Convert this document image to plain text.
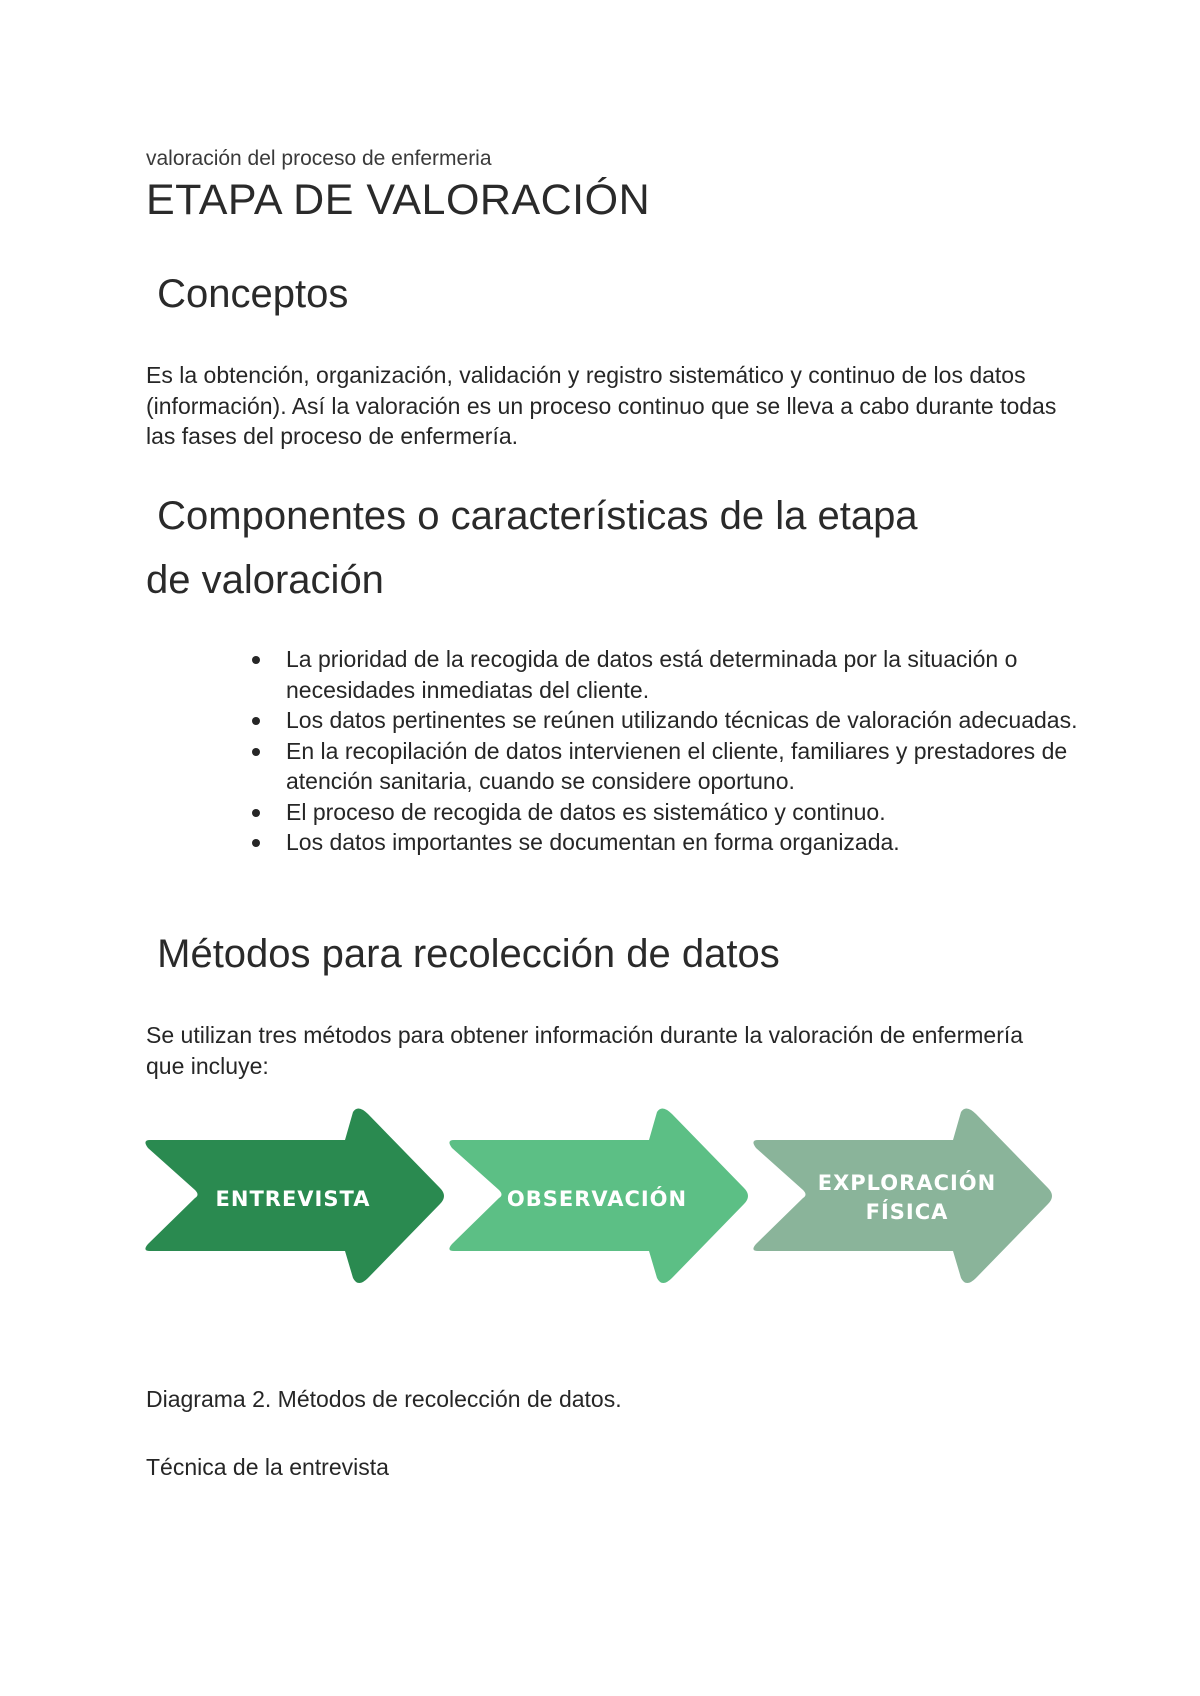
valoración del proceso de enfermeria

ETAPA DE VALORACIÓN
Conceptos

Es la obtención, organización, validación y registro sistemático y continuo de los datos (información). Así la valoración es un proceso continuo que se lleva a cabo durante todas las fases del proceso de enfermería.

Componentes o características de la etapa
de valoración
La prioridad de la recogida de datos está determinada por la situación o necesidades inmediatas del cliente.
Los datos pertinentes se reúnen utilizando técnicas de valoración adecuadas.
En la recopilación de datos intervienen el cliente, familiares y prestadores de atención sanitaria, cuando se considere oportuno.
El proceso de recogida de datos es sistemático y continuo.
Los datos importantes se documentan en forma organizada.
Métodos para recolección de datos

Se utilizan tres métodos para obtener información durante la valoración de enfermería que incluye:

ENTREVISTA	OBSERVACIÓN
EXPLORACIÓN FÍSICA

Diagrama 2. Métodos de recolección de datos.

Técnica de la entrevista
